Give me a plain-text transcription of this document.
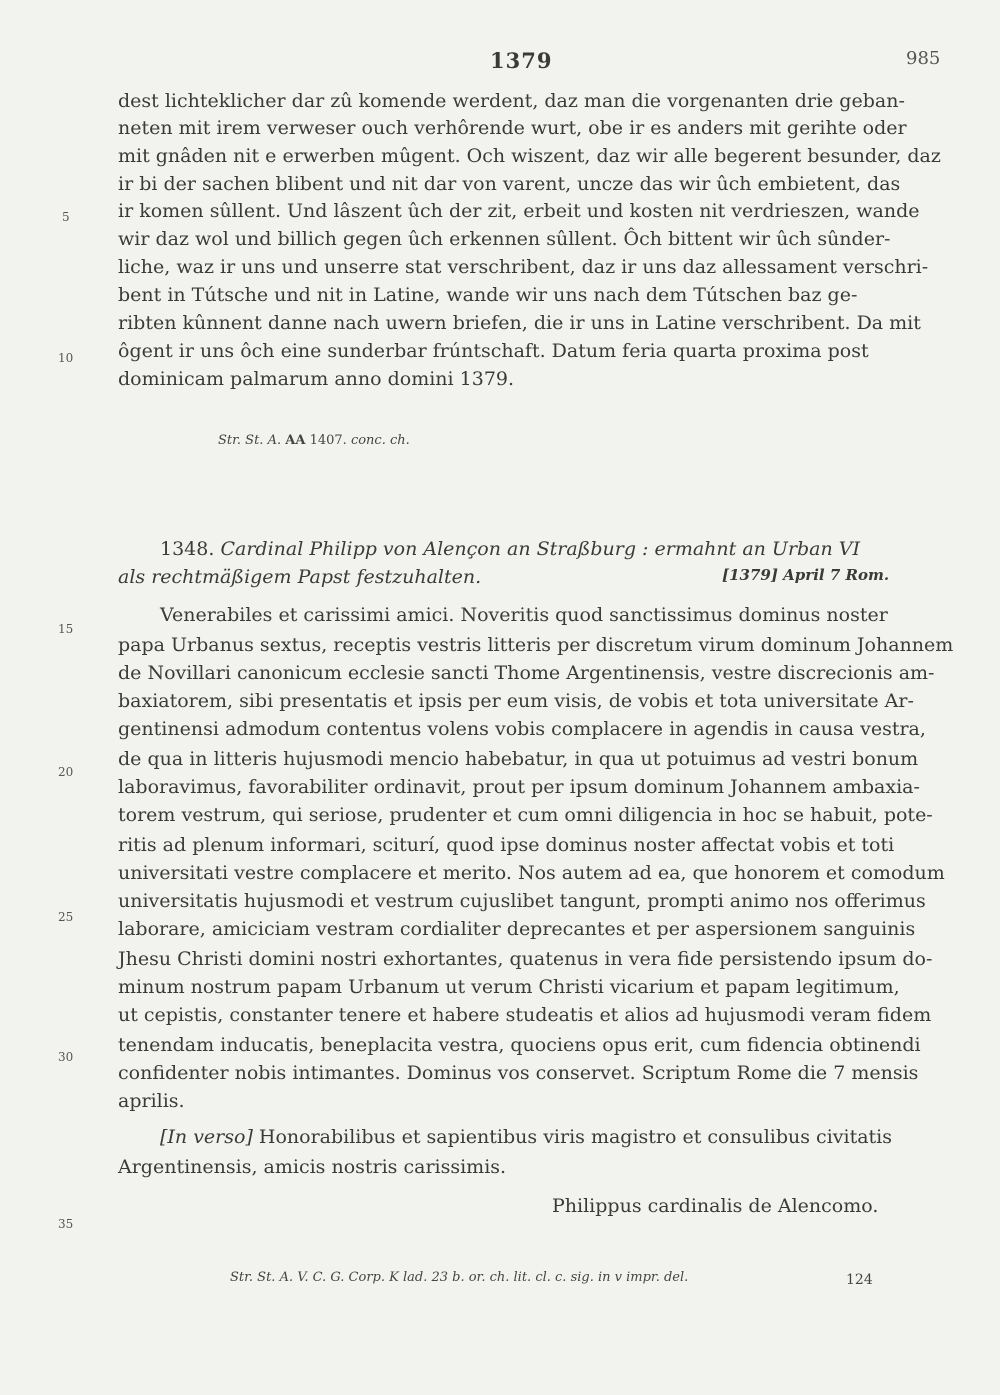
1379	985
dest lichteklicher dar zû komende werdent, daz man die vorgenanten drie geban-
neten mit irem verweser ouch verhôrende wurt, obe ir es anders mit gerihte oder
mit gnâden nit e erwerben mûgent. Och wiszent, daz wir alle begerent besunder, daz
ir bi der sachen blibent und nit dar von varent, uncze das wir ûch embietent, das
ir komen sûllent. Und lâszent ûch der zit, erbeit und kosten nit verdrieszen, wande
wir daz wol und billich gegen ûch erkennen sûllent. Ôch bittent wir ûch sûnder-
liche, waz ir uns und unserre stat verschribent, daz ir uns daz allessament verschri-
bent in Tútsche und nit in Latine, wande wir uns nach dem Tútschen baz ge-
ribten kûnnent danne nach uwern briefen, die ir uns in Latine verschribent. Da mit
ôgent ir uns ôch eine sunderbar frúntschaft. Datum feria quarta proxima post
dominicam palmarum anno domini 1379.
Str. St. A. AA 1407. conc. ch.
1348. Cardinal Philipp von Alençon an Straßburg : ermahnt an Urban VI
als rechtmäßigem Papst festzuhalten.	[1379] April 7 Rom.
Venerabiles et carissimi amici. Noveritis quod sanctissimus dominus noster
papa Urbanus sextus, receptis vestris litteris per discretum virum dominum Johannem
de Novillari canonicum ecclesie sancti Thome Argentinensis, vestre discrecionis am-
baxiatorem, sibi presentatis et ipsis per eum visis, de vobis et tota universitate Ar-
gentinensi admodum contentus volens vobis complacere in agendis in causa vestra,
de qua in litteris hujusmodi mencio habebatur, in qua ut potuimus ad vestri bonum
laboravimus, favorabiliter ordinavit, prout per ipsum dominum Johannem ambaxia-
torem vestrum, qui seriose, prudenter et cum omni diligencia in hoc se habuit, pote-
ritis ad plenum informari, sciturí, quod ipse dominus noster affectat vobis et toti
universitati vestre complacere et merito. Nos autem ad ea, que honorem et comodum
universitatis hujusmodi et vestrum cujuslibet tangunt, prompti animo nos offerimus
laborare, amiciciam vestram cordialiter deprecantes et per aspersionem sanguinis
Jhesu Christi domini nostri exhortantes, quatenus in vera fide persistendo ipsum do-
minum nostrum papam Urbanum ut verum Christi vicarium et papam legitimum,
ut cepistis, constanter tenere et habere studeatis et alios ad hujusmodi veram fidem
tenendam inducatis, beneplacita vestra, quociens opus erit, cum fidencia obtinendi
confidenter nobis intimantes. Dominus vos conservet. Scriptum Rome die 7 mensis
aprilis.
[In verso] Honorabilibus et sapientibus viris magistro et consulibus civitatis
Argentinensis, amicis nostris carissimis.
Philippus cardinalis de Alencomo.
Str. St. A. V. C. G. Corp. K lad. 23 b. or. ch. lit. cl. c. sig. in v impr. del.	124
5
10
15
20
25
30
35
